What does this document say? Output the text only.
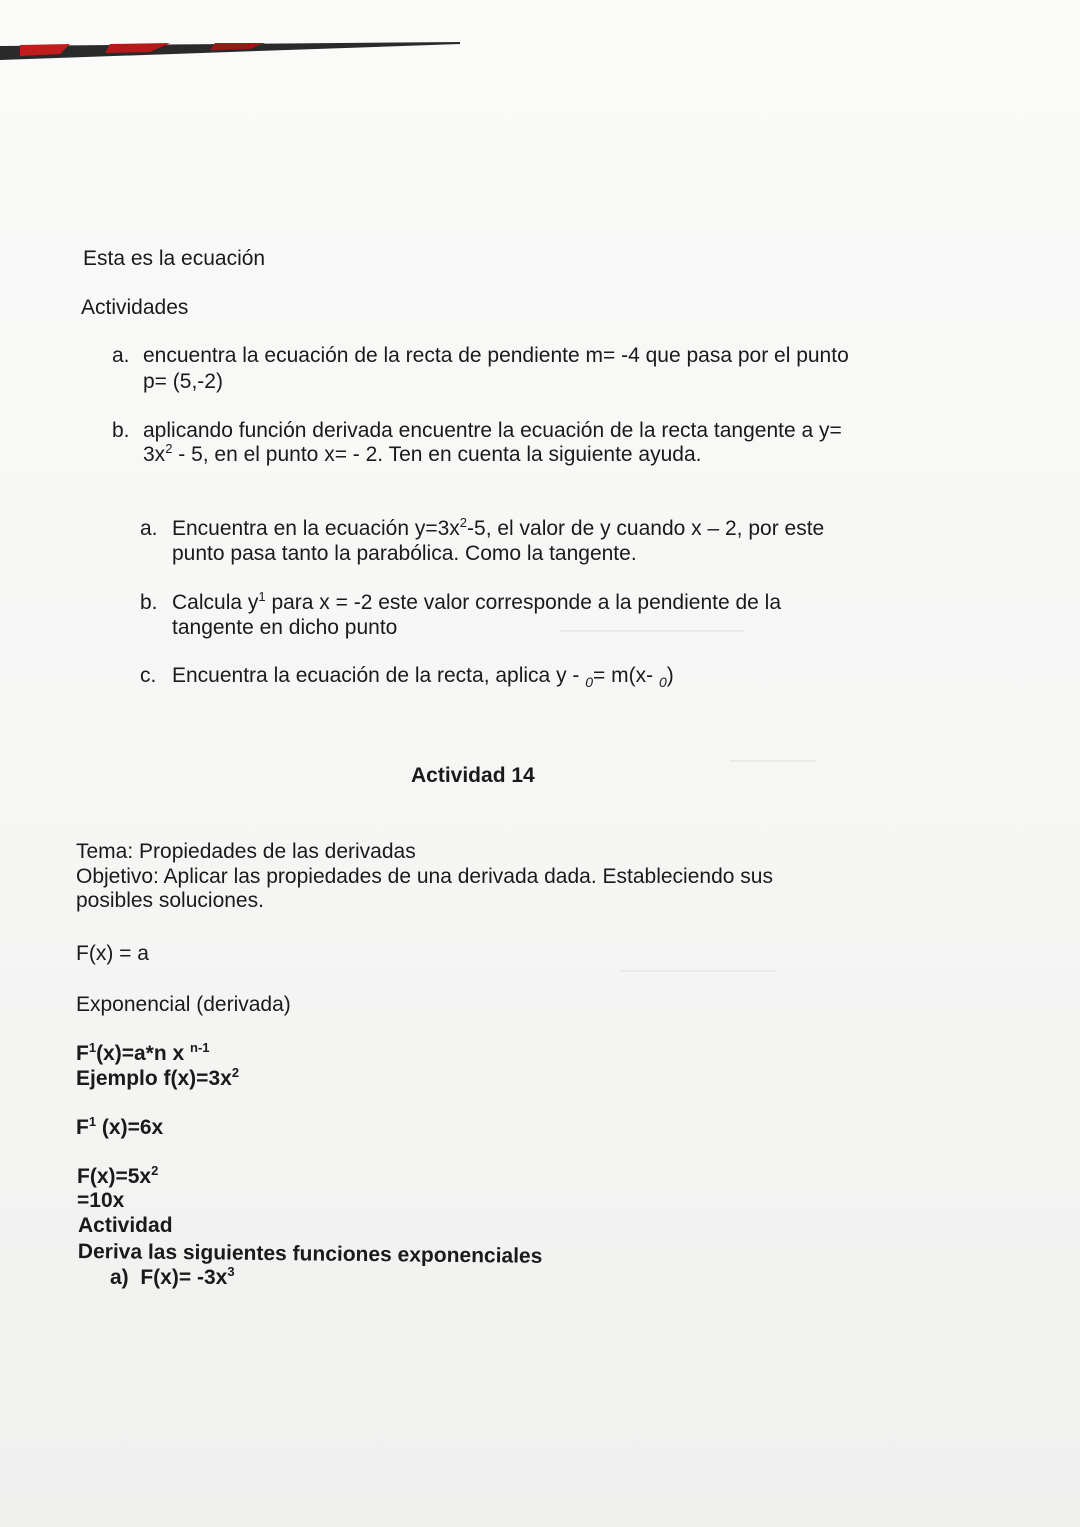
─────────────
──────
───────────
Esta es la ecuación
Actividades
a. encuentra la ecuación de la recta de pendiente m= -4 que pasa por el punto
p= (5,-2)
b. aplicando función derivada encuentre la ecuación de la recta tangente a y=
$3x^2 - 5$, en el punto x= - 2. Ten en cuenta la siguiente ayuda.
a. Encuentra en la ecuación $y=3x^2-5$, el valor de y cuando x – 2, por este
punto pasa tanto la parabólica. Como la tangente.
b. Calcula $y^1$ para x = -2 este valor corresponde a la pendiente de la
tangente en dicho punto
c. Encuentra la ecuación de la recta, aplica y - $_0$= m(x- $_0$)
Actividad 14
Tema: Propiedades de las derivadas
Objetivo: Aplicar las propiedades de una derivada dada. Estableciendo sus
posibles soluciones.
F(x) = a
Exponencial (derivada)
$F^1(x)=a*n$ x $^{n-1}$
Ejemplo $f(x)=3x^2$
$F^1$ (x)=6x
$F(x)=5x^2$
=10x
Actividad
Deriva las siguientes funciones exponenciales
a) $F(x)= -3x^3$
